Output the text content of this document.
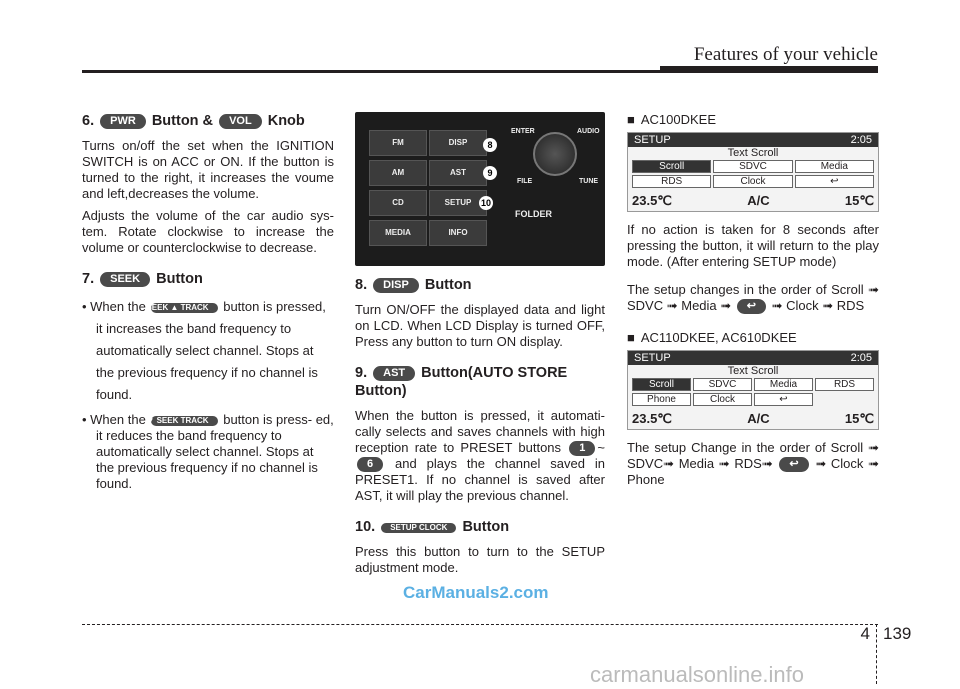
Features of your vehicle
6. PWR Button & VOL Knob

Turns on/off the set when the IGNITION SWITCH is on ACC or ON. If the button is turned to the right, it increases the voume and left,decreases the volume.

Adjusts the volume of the car audio sys- tem. Rotate clockwise to increase the volume or counterclockwise to decrease.

7. SEEK Button

• When the SEEK ▲ TRACK button is pressed, it increases the band frequency to automatically select channel. Stops at the previous frequency if no channel is found.

• When the ▼ SEEK TRACK button is press- ed, it reduces the band frequency to automatically select channel. Stops at the previous frequency if no channel is found.

FM	DISP
AM	AST
CD	SETUP
MEDIA	INFO
ENTER	AUDIO
FILE	TUNE
FOLDER
8
9
10
8. DISP Button

Turn ON/OFF the displayed data and light on LCD. When LCD Display is turned OFF, Press any button to turn ON display.

9. AST Button(AUTO STORE Button)

When the button is pressed, it automati- cally selects and saves channels with high reception rate to PRESET buttons 1 ~6 and plays the channel saved in PRESET1. If no channel is saved after AST, it will play the previous channel.

10. SETUP CLOCK Button

Press this button to turn to the SETUP adjustment mode.

■ AC100DKEE

SETUP	2:05
Text Scroll
Scroll	SDVC	Media
RDS	Clock	↩
23.5℃	A/C	15℃

If no action is taken for 8 seconds after pressing the button, it will return to the play mode. (After entering SETUP mode)

The setup changes in the order of Scroll ➟ SDVC ➟ Media ➟ ↩ ➟ Clock ➟ RDS

■ AC110DKEE, AC610DKEE

SETUP	2:05
Text Scroll
Scroll	SDVC	Media	RDS
Phone	Clock	↩
23.5℃	A/C	15℃

The setup Change in the order of Scroll ➟ SDVC➟ Media ➟ RDS➟ ↩ ➟ Clock ➟ Phone

CarManuals2.com
4 139
carmanualsonline.info
